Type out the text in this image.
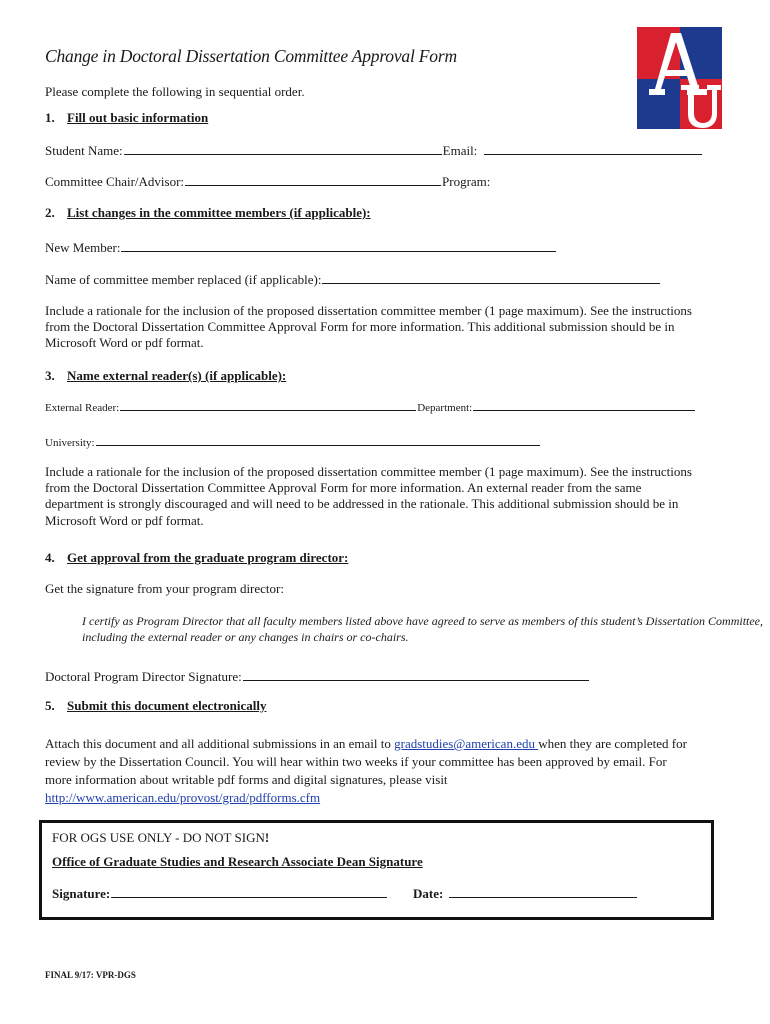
Change in Doctoral Dissertation Committee Approval Form
Please complete the following in sequential order.
1. Fill out basic information
Student Name:	Email:
Committee Chair/Advisor:	Program:
2. List changes in the committee members (if applicable):
New Member:
Name of committee member replaced (if applicable):
Include a rationale for the inclusion of the proposed dissertation committee member (1 page maximum). See the instructions
from the Doctoral Dissertation Committee Approval Form for more information. This additional submission should be in
Microsoft Word or pdf format.
3. Name external reader(s) (if applicable):
External Reader:	Department:
University:
Include a rationale for the inclusion of the proposed dissertation committee member (1 page maximum). See the instructions
from the Doctoral Dissertation Committee Approval Form for more information. An external reader from the same
department is strongly discouraged and will need to be addressed in the rationale. This additional submission should be in
Microsoft Word or pdf format.
4. Get approval from the graduate program director:
Get the signature from your program director:
I certify as Program Director that all faculty members listed above have agreed to serve as members of this student’s Dissertation Committee,
including the external reader or any changes in chairs or co-chairs.
Doctoral Program Director Signature:
5. Submit this document electronically
Attach this document and all additional submissions in an email to gradstudies@american.edu when they are completed for
review by the Dissertation Council. You will hear within two weeks if your committee has been approved by email. For
more information about writable pdf forms and digital signatures, please visit
http://www.american.edu/provost/grad/pdfforms.cfm
FOR OGS USE ONLY - DO NOT SIGN!
Office of Graduate Studies and Research Associate Dean Signature
Signature:	Date:
FINAL 9/17: VPR-DGS
